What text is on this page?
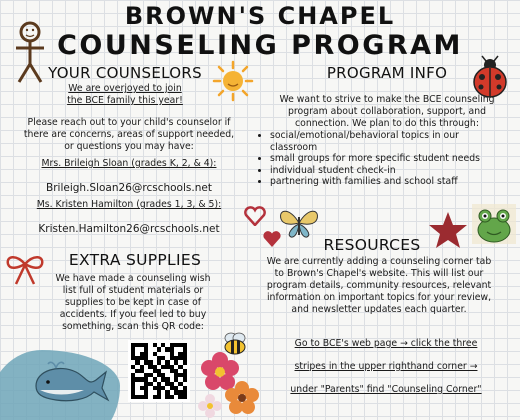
BROWN'S CHAPEL
COUNSELING PROGRAM
YOUR COUNSELORS
We are overjoyed to join
the BCE family this year!
Please reach out to your child's counselor if
there are concerns, areas of support needed,
or questions you may have:
Mrs. Brileigh Sloan (grades K, 2, & 4):
Brileigh.Sloan26@rcschools.net
Ms. Kristen Hamilton (grades 1, 3, & 5):
Kristen.Hamilton26@rcschools.net
PROGRAM INFO
We want to strive to make the BCE counseling
program about collaboration, support, and
connection. We plan to do this through:
• social/emotional/behavioral topics in our classroom
• small groups for more specific student needs
• individual student check-in
• partnering with families and school staff
RESOURCES
We are currently adding a counseling corner tab
to Brown's Chapel's website. This will list our
program details, community resources, relevant
information on important topics for your review,
and newsletter updates each quarter.
Go to BCE's web page → click the three
stripes in the upper righthand corner →
under "Parents" find "Counseling Corner"
EXTRA SUPPLIES
We have made a counseling wish
list full of student materials or
supplies to be kept in case of
accidents. If you feel led to buy
something, scan this QR code:
